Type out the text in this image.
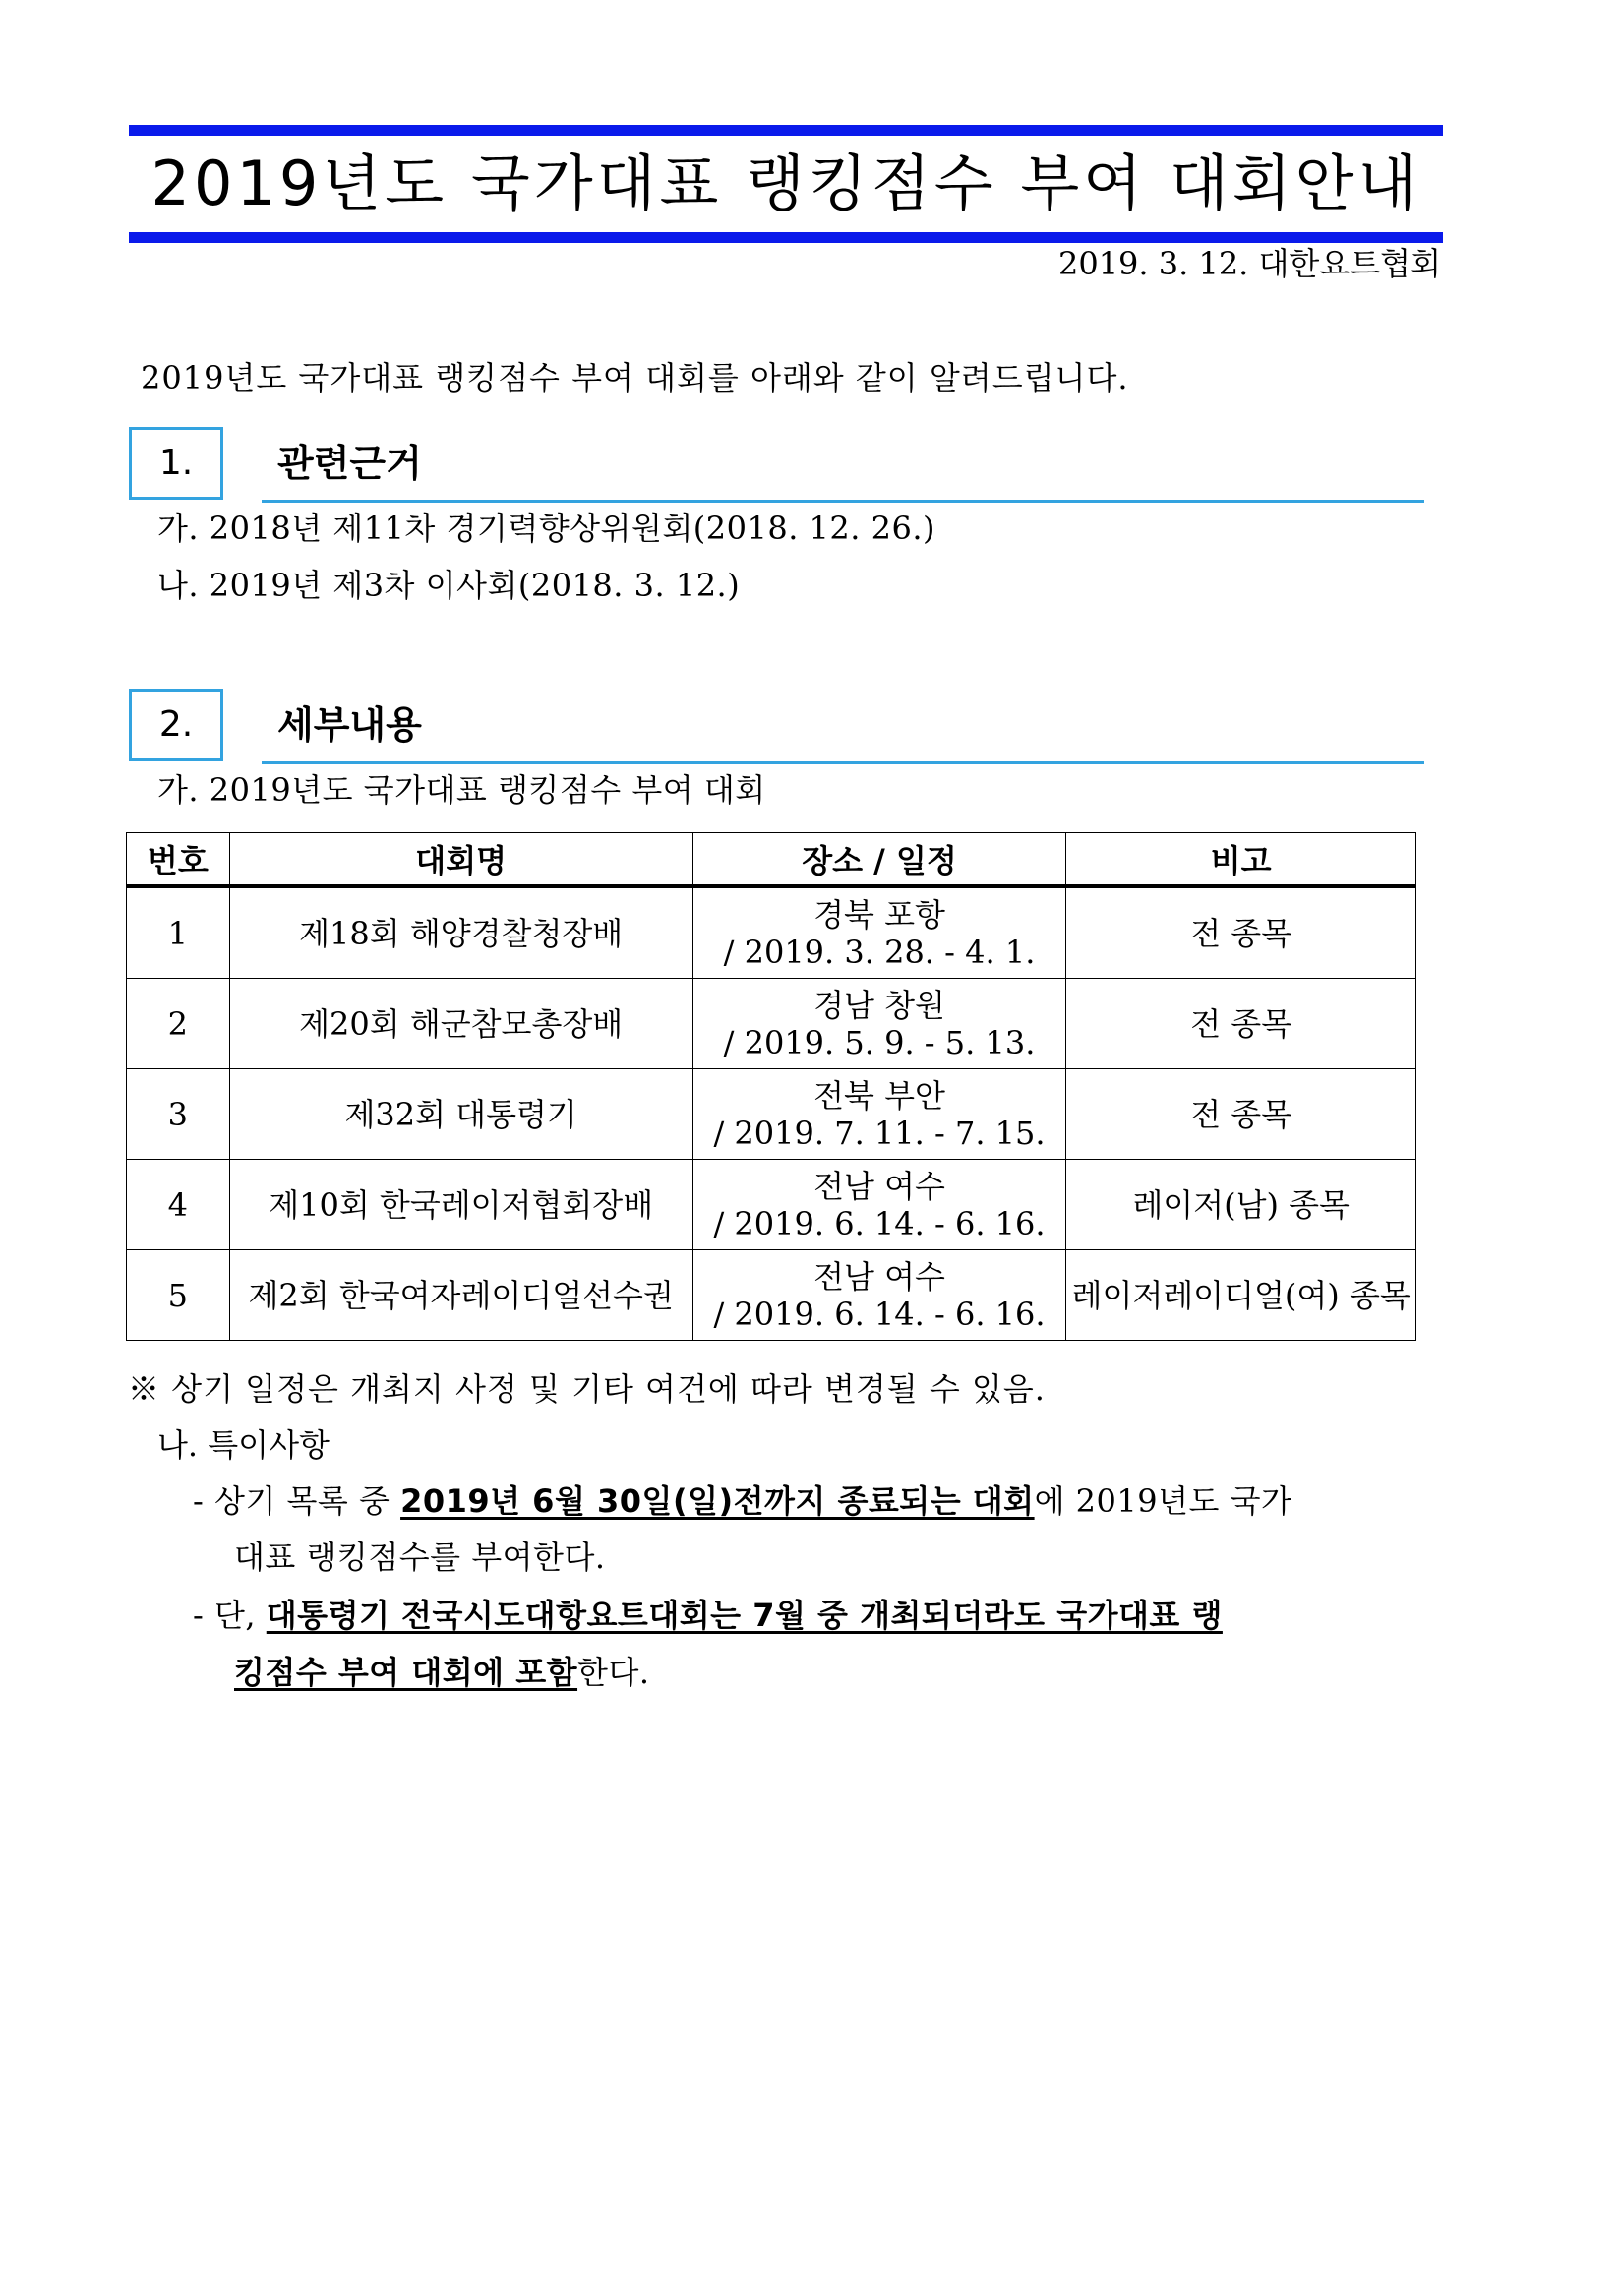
2019년도 국가대표 랭킹점수 부여 대회안내
2019. 3. 12. 대한요트협회
2019년도 국가대표 랭킹점수 부여 대회를 아래와 같이 알려드립니다.
1.	관련근거
가. 2018년 제11차 경기력향상위원회(2018. 12. 26.)
나. 2019년 제3차 이사회(2018. 3. 12.)
2.	세부내용
가. 2019년도 국가대표 랭킹점수 부여 대회
번호	대회명	장소 / 일정	비고
1	제18회 해양경찰청장배	경북 포항
/ 2019. 3. 28. - 4. 1.	전 종목
2	제20회 해군참모총장배	경남 창원
/ 2019. 5. 9. - 5. 13.	전 종목
3	제32회 대통령기	전북 부안
/ 2019. 7. 11. - 7. 15.	전 종목
4	제10회 한국레이저협회장배	전남 여수
/ 2019. 6. 14. - 6. 16.	레이저(남) 종목
5	제2회 한국여자레이디얼선수권	전남 여수
/ 2019. 6. 14. - 6. 16.	레이저레이디얼(여) 종목
※ 상기 일정은 개최지 사정 및 기타 여건에 따라 변경될 수 있음.
나. 특이사항
- 상기 목록 중 2019년 6월 30일(일)전까지 종료되는 대회에 2019년도 국가
대표 랭킹점수를 부여한다.
- 단, 대통령기 전국시도대항요트대회는 7월 중 개최되더라도 국가대표 랭
킹점수 부여 대회에 포함한다.
